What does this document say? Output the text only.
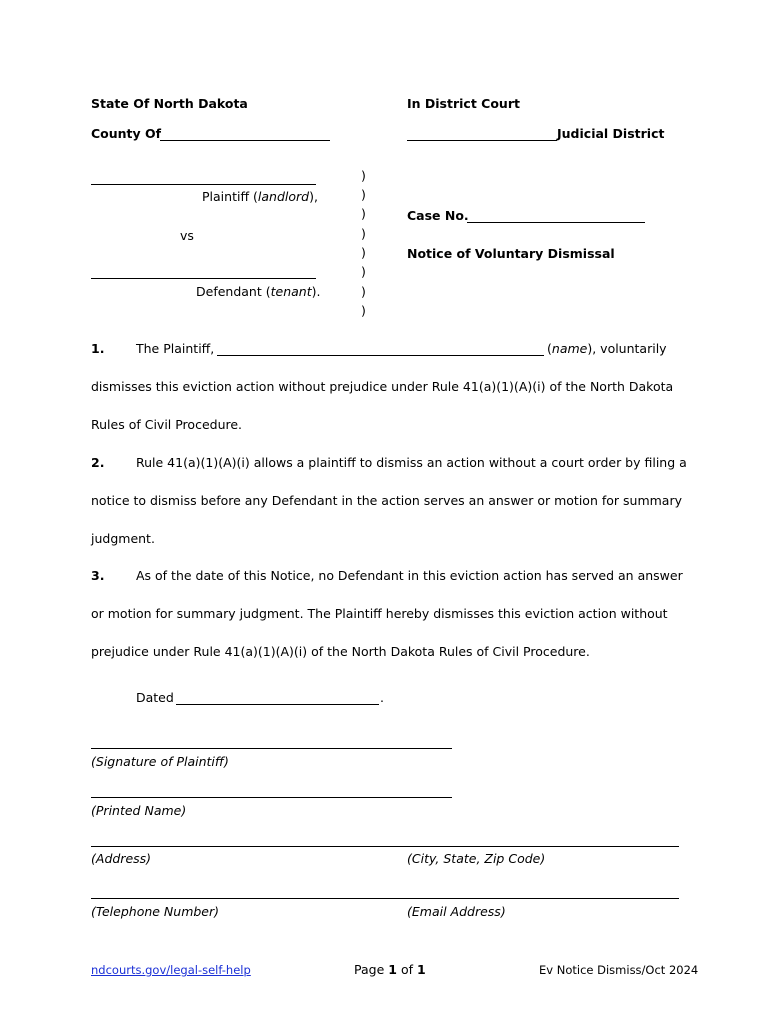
State Of North Dakota	In District Court
County Of	Judicial District
Plaintiff (landlord),
vs
Defendant (tenant).
)
)
)
)
)
)
)
)
Case No.
Notice of Voluntary Dismissal
1.	The Plaintiff,	(name), voluntarily
dismisses this eviction action without prejudice under Rule 41(a)(1)(A)(i) of the North Dakota
Rules of Civil Procedure.
2.	Rule 41(a)(1)(A)(i) allows a plaintiff to dismiss an action without a court order by filing a
notice to dismiss before any Defendant in the action serves an answer or motion for summary
judgment.
3.	As of the date of this Notice, no Defendant in this eviction action has served an answer
or motion for summary judgment. The Plaintiff hereby dismisses this eviction action without
prejudice under Rule 41(a)(1)(A)(i) of the North Dakota Rules of Civil Procedure.
Dated	.
(Signature of Plaintiff)
(Printed Name)
(Address)	(City, State, Zip Code)
(Telephone Number)	(Email Address)
ndcourts.gov/legal-self-help	Page 1 of 1	Ev Notice Dismiss/Oct 2024
